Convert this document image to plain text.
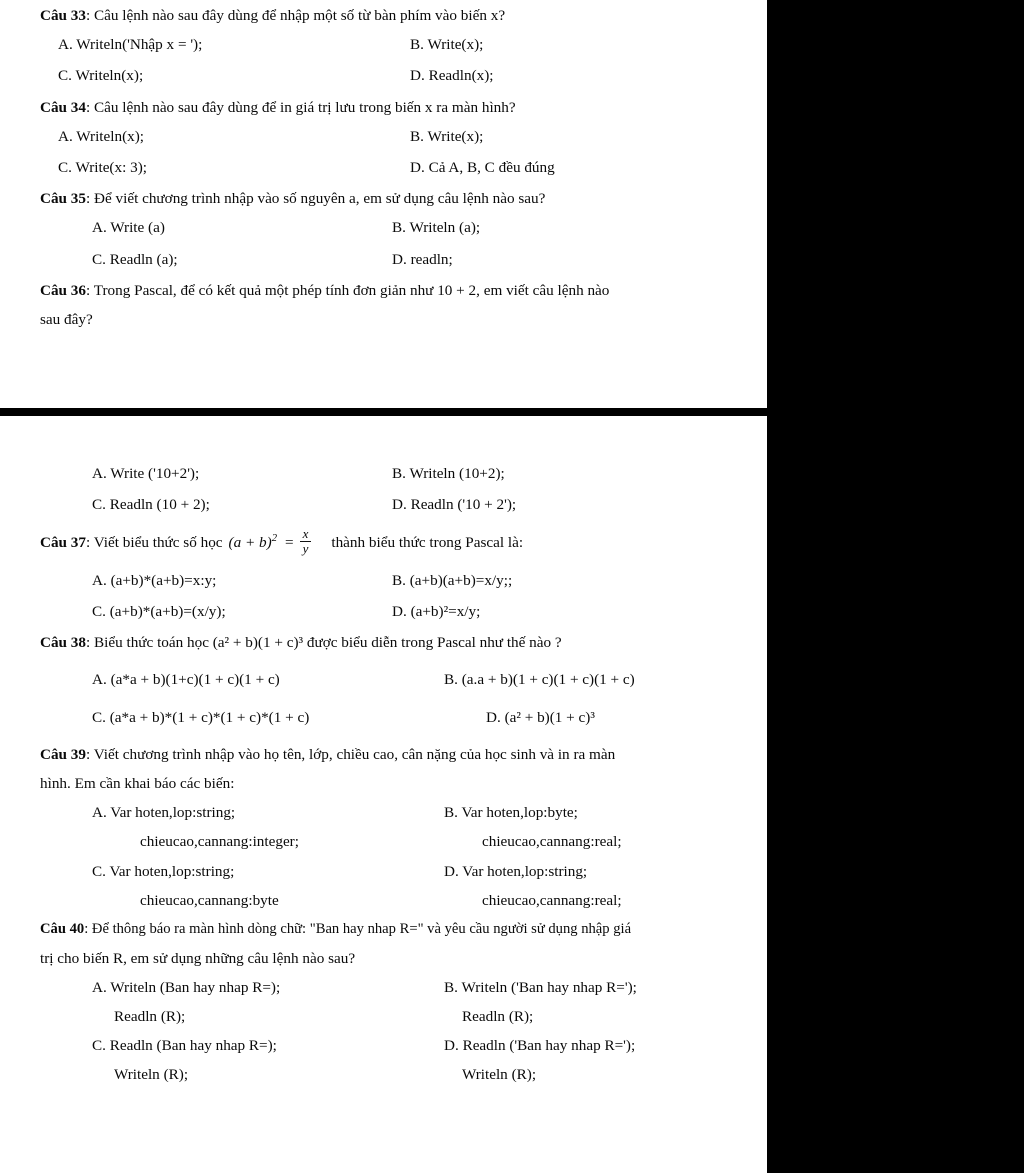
Câu 33: Câu lệnh nào sau đây dùng để nhập một số từ bàn phím vào biến x?
A. Writeln('Nhập x = ');	B. Write(x);
C. Writeln(x);	D. Readln(x);
Câu 34: Câu lệnh nào sau đây dùng để in giá trị lưu trong biến x ra màn hình?
A. Writeln(x);	B. Write(x);
C. Write(x: 3);	D. Cả A, B, C đều đúng
Câu 35: Để viết chương trình nhập vào số nguyên a, em sử dụng câu lệnh nào sau?
A. Write (a)	B. Writeln (a);
C. Readln (a);	D. readln;
Câu 36: Trong Pascal, để có kết quả một phép tính đơn giản như 10 + 2, em viết câu lệnh nào
sau đây?
A. Write ('10+2');	B. Writeln (10+2);
C. Readln (10 + 2);	D. Readln ('10 + 2');
Câu 37 : Viết biểu thức số học $(a + b)^2 = \frac{x}{y}$ thành biểu thức trong Pascal là:
A. (a+b)*(a+b)=x:y;	B. (a+b)(a+b)=x/y;;
C. (a+b)*(a+b)=(x/y);	D. (a+b)²=x/y;
Câu 38: Biểu thức toán học (a² + b)(1 + c)³ được biểu diễn trong Pascal như thế nào ?
A. (a*a + b)(1+c)(1 + c)(1 + c)	B. (a.a + b)(1 + c)(1 + c)(1 + c)
C. (a*a + b)*(1 + c)*(1 + c)*(1 + c)	D. (a² + b)(1 + c)³
Câu 39: Viết chương trình nhập vào họ tên, lớp, chiều cao, cân nặng của học sinh và in ra màn
hình. Em cần khai báo các biến:
A. Var hoten,lop:string;	B. Var hoten,lop:byte;
chieucao,cannang:integer;	chieucao,cannang:real;
C. Var hoten,lop:string;	D. Var hoten,lop:string;
chieucao,cannang:byte	chieucao,cannang:real;
Câu 40: Để thông báo ra màn hình dòng chữ: "Ban hay nhap R=" và yêu cầu người sử dụng nhập giá
trị cho biến R, em sử dụng những câu lệnh nào sau?
A. Writeln (Ban hay nhap R=);	B. Writeln ('Ban hay nhap R=');
Readln (R);	Readln (R);
C. Readln (Ban hay nhap R=);	D. Readln ('Ban hay nhap R=');
Writeln (R);	Writeln (R);
